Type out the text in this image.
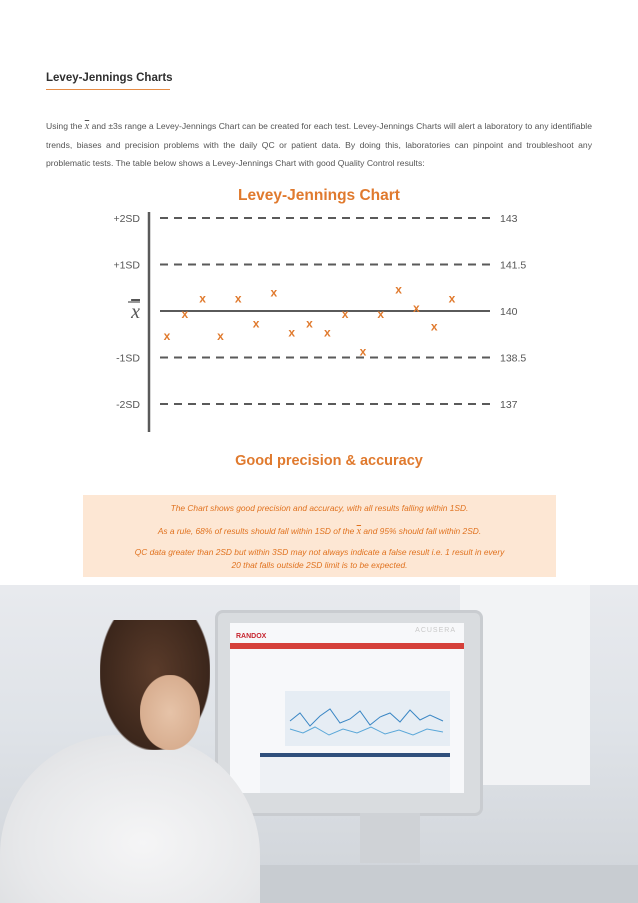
Levey-Jennings Charts
Using the $\overline{x}$ and ±3s range a Levey-Jennings Chart can be created for each test. Levey-Jennings Charts will alert a laboratory to any identifiable trends, biases and precision problems with the daily QC or patient data. By doing this, laboratories can pinpoint and troubleshoot any problematic tests. The table below shows a Levey-Jennings Chart with good Quality Control results:
Levey-Jennings Chart
+2SD	143
+1SD	141.5
x	140
-1SD	138.5
-2SD	137
x
x
x
x
x
x
x
x
x
x
x
x
x
x
x
x
x
Good precision & accuracy
The Chart shows good precision and accuracy, with all results falling within 1SD.
As a rule, 68% of results should fall within 1SD of the $\overline{x}$ and 95% should fall within 2SD.
QC data greater than 2SD but within 3SD may not always indicate a false result i.e. 1 result in every
20 that falls outside 2SD limit is to be expected.
RANDOX
ACUSERA
